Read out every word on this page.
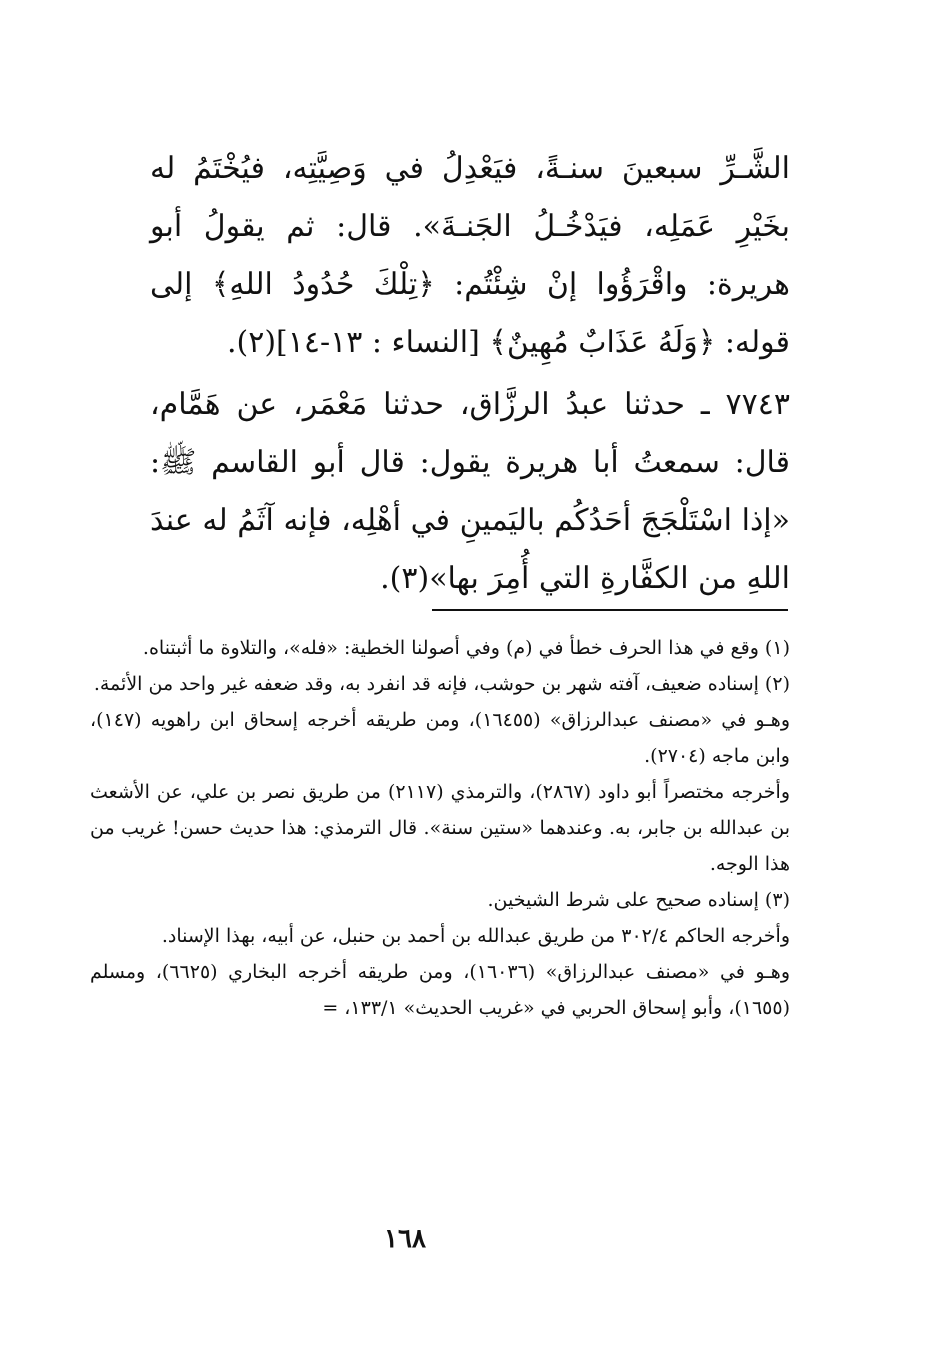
الشَّـرِّ سبعينَ سنـةً، فيَعْدِلُ في وَصِيَّتِه، فيُخْتَمُ له بخَيْرِ عَمَلِه، فيَدْخُـلُ الجَنـةَ». قال: ثم يقولُ أبو هريرة: واقْرَؤُوا إنْ شِئْتُم: ﴿تِلْكَ حُدُودُ اللهِ﴾ إلى قوله: ﴿وَلَهُ عَذَابٌ مُهِينٌ﴾ [النساء : ١٣-١٤](٢).

٧٧٤٣ ـ حدثنا عبدُ الرزَّاق، حدثنا مَعْمَر، عن هَمَّام، قال: سمعتُ أبا هريرة يقول: قال أبو القاسم ﷺ: «إذا اسْتَلْجَجَ أحَدُكُم باليَمينِ في أهْلِه، فإنه آثَمُ له عندَ اللهِ من الكفَّارةِ التي أُمِرَ بها»(٣).

(١) وقع في هذا الحرف خطأ في (م) وفي أصولنا الخطية: «فله»، والتلاوة ما أثبتناه.

(٢) إسناده ضعيف، آفته شهر بن حوشب، فإنه قد انفرد به، وقد ضعفه غير واحد من الأئمة.

وهـو في «مصنف عبدالرزاق» (١٦٤٥٥)، ومن طريقه أخرجه إسحاق ابن راهويه (١٤٧)، وابن ماجه (٢٧٠٤).

وأخرجه مختصراً أبو داود (٢٨٦٧)، والترمذي (٢١١٧) من طريق نصر بن علي، عن الأشعث بن عبدالله بن جابر، به. وعندهما «ستين سنة». قال الترمذي: هذا حديث حسن! غريب من هذا الوجه.

(٣) إسناده صحيح على شرط الشيخين.

وأخرجه الحاكم ٣٠٢/٤ من طريق عبدالله بن أحمد بن حنبل، عن أبيه، بهذا الإسناد.

وهـو في «مصنف عبدالرزاق» (١٦٠٣٦)، ومن طريقه أخرجه البخاري (٦٦٢٥)، ومسلم (١٦٥٥)، وأبو إسحاق الحربي في «غريب الحديث» ١٣٣/١، =

١٦٨
